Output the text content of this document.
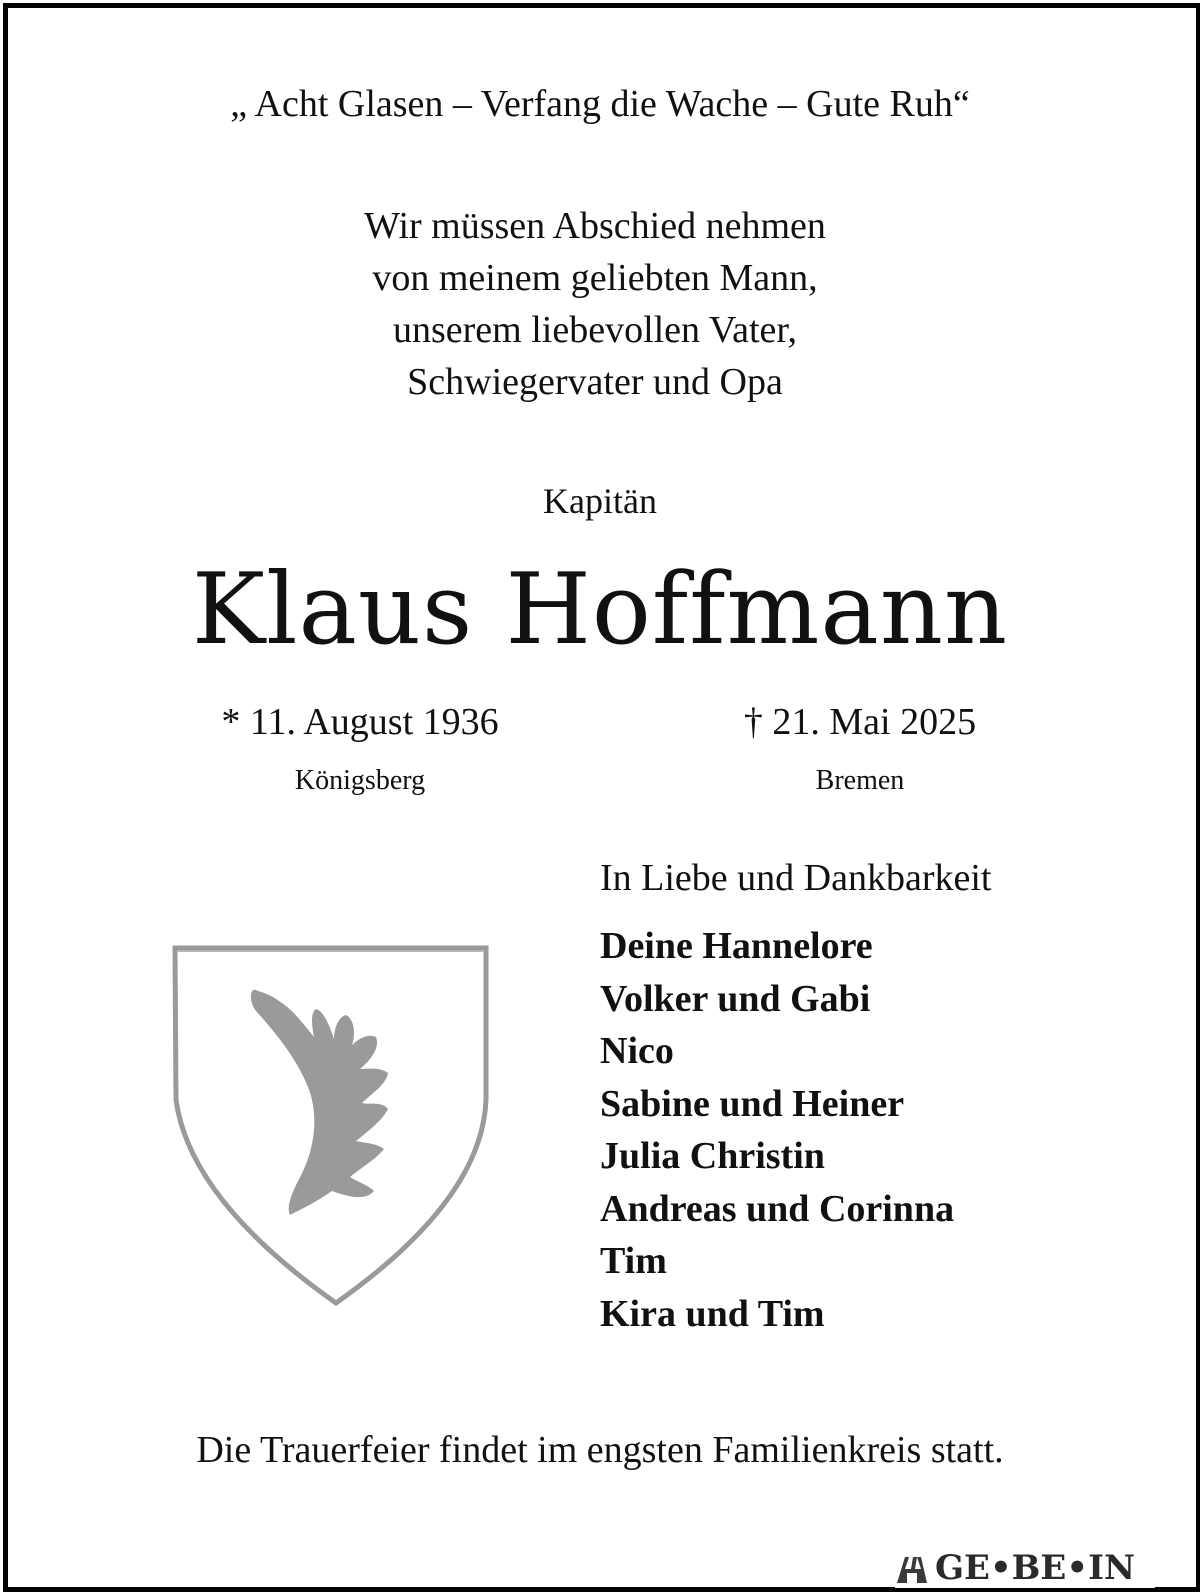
„ Acht Glasen – Verfang die Wache – Gute Ruh“
Wir müssen Abschied nehmen
von meinem geliebten Mann,
unserem liebevollen Vater,
Schwiegervater und Opa
Kapitän
Klaus Hoffmann
* 11. August 1936
Königsberg
† 21. Mai 2025
Bremen
In Liebe und Dankbarkeit
Deine Hannelore
Volker und Gabi
Nico
Sabine und Heiner
Julia Christin
Andreas und Corinna
Tim
Kira und Tim
Die Trauerfeier findet im engsten Familienkreis statt.
GE•BE•IN
